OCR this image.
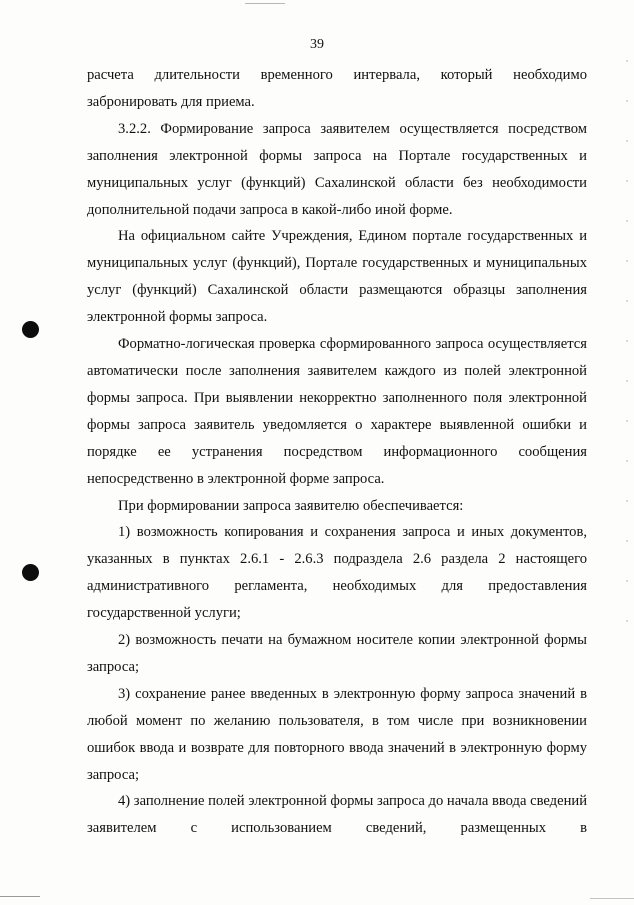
39

расчета длительности временного интервала, который необходимо забронировать для приема.

3.2.2. Формирование запроса заявителем осуществляется посредством заполнения электронной формы запроса на Портале государственных и муниципальных услуг (функций) Сахалинской области без необходимости дополнительной подачи запроса в какой-либо иной форме.

На официальном сайте Учреждения, Едином портале государственных и муниципальных услуг (функций), Портале государственных и муниципальных услуг (функций) Сахалинской области размещаются образцы заполнения электронной формы запроса.

Форматно-логическая проверка сформированного запроса осуществляется автоматически после заполнения заявителем каждого из полей электронной формы запроса. При выявлении некорректно заполненного поля электронной формы запроса заявитель уведомляется о характере выявленной ошибки и порядке ее устранения посредством информационного сообщения непосредственно в электронной форме запроса.

При формировании запроса заявителю обеспечивается:

1) возможность копирования и сохранения запроса и иных документов, указанных в пунктах 2.6.1 - 2.6.3 подраздела 2.6 раздела 2 настоящего административного регламента, необходимых для предоставления государственной услуги;

2) возможность печати на бумажном носителе копии электронной формы запроса;

3) сохранение ранее введенных в электронную форму запроса значений в любой момент по желанию пользователя, в том числе при возникновении ошибок ввода и возврате для повторного ввода значений в электронную форму запроса;

4) заполнение полей электронной формы запроса до начала ввода сведений заявителем с использованием сведений, размещенных в
